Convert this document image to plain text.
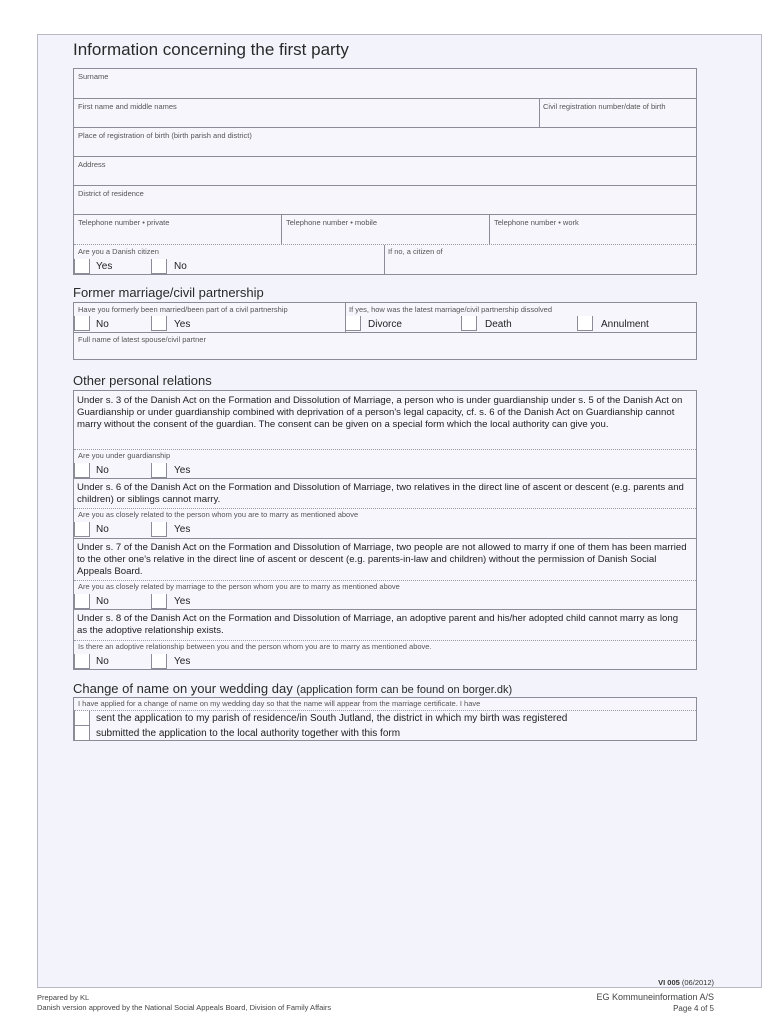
Information concerning the first party
Surname
First name and middle names	Civil registration number/date of birth
Place of registration of birth (birth parish and district)
Address
District of residence
Telephone number • private	Telephone number • mobile	Telephone number • work
Are you a Danish citizen	If no, a citizen of
Yes	No
Former marriage/civil partnership
Have you formerly been married/been part of a civil partnership	If yes, how was the latest marriage/civil partnership dissolved
No	Yes	Divorce	Death	Annulment
Full name of latest spouse/civil partner
Other personal relations
Under s. 3 of the Danish Act on the Formation and Dissolution of Marriage, a person who is under guardianship under s. 5 of the Danish Act on Guardianship or under guardianship combined with deprivation of a person's legal capacity, cf. s. 6 of the Danish Act on Guardianship cannot marry without the consent of the guardian. The consent can be given on a special form which the local authority can give you.
Are you under guardianship
No	Yes
Under s. 6 of the Danish Act on the Formation and Dissolution of Marriage, two relatives in the direct line of ascent or descent (e.g. parents and children) or siblings cannot marry.
Are you as closely related to the person whom you are to marry as mentioned above
No	Yes
Under s. 7 of the Danish Act on the Formation and Dissolution of Marriage, two people are not allowed to marry if one of them has been married to the other one's relative in the direct line of ascent or descent (e.g. parents-in-law and children) without the permission of Danish Social Appeals Board.
Are you as closely related by marriage to the person whom you are to marry as mentioned above
No	Yes
Under s. 8 of the Danish Act on the Formation and Dissolution of Marriage, an adoptive parent and his/her adopted child cannot marry as long as the adoptive relationship exists.
Is there an adoptive relationship between you and the person whom you are to marry as mentioned above.
No	Yes
Change of name on your wedding day (application form can be found on borger.dk)
I have applied for a change of name on my wedding day so that the name will appear from the marriage certificate. I have
sent the application to my parish of residence/in South Jutland, the district in which my birth was registered
submitted the application to the local authority together with this form
VI 005 (06/2012)
Prepared by KL
Danish version approved by the National Social Appeals Board, Division of Family Affairs
EG Kommuneinformation A/S
Page 4 of 5
